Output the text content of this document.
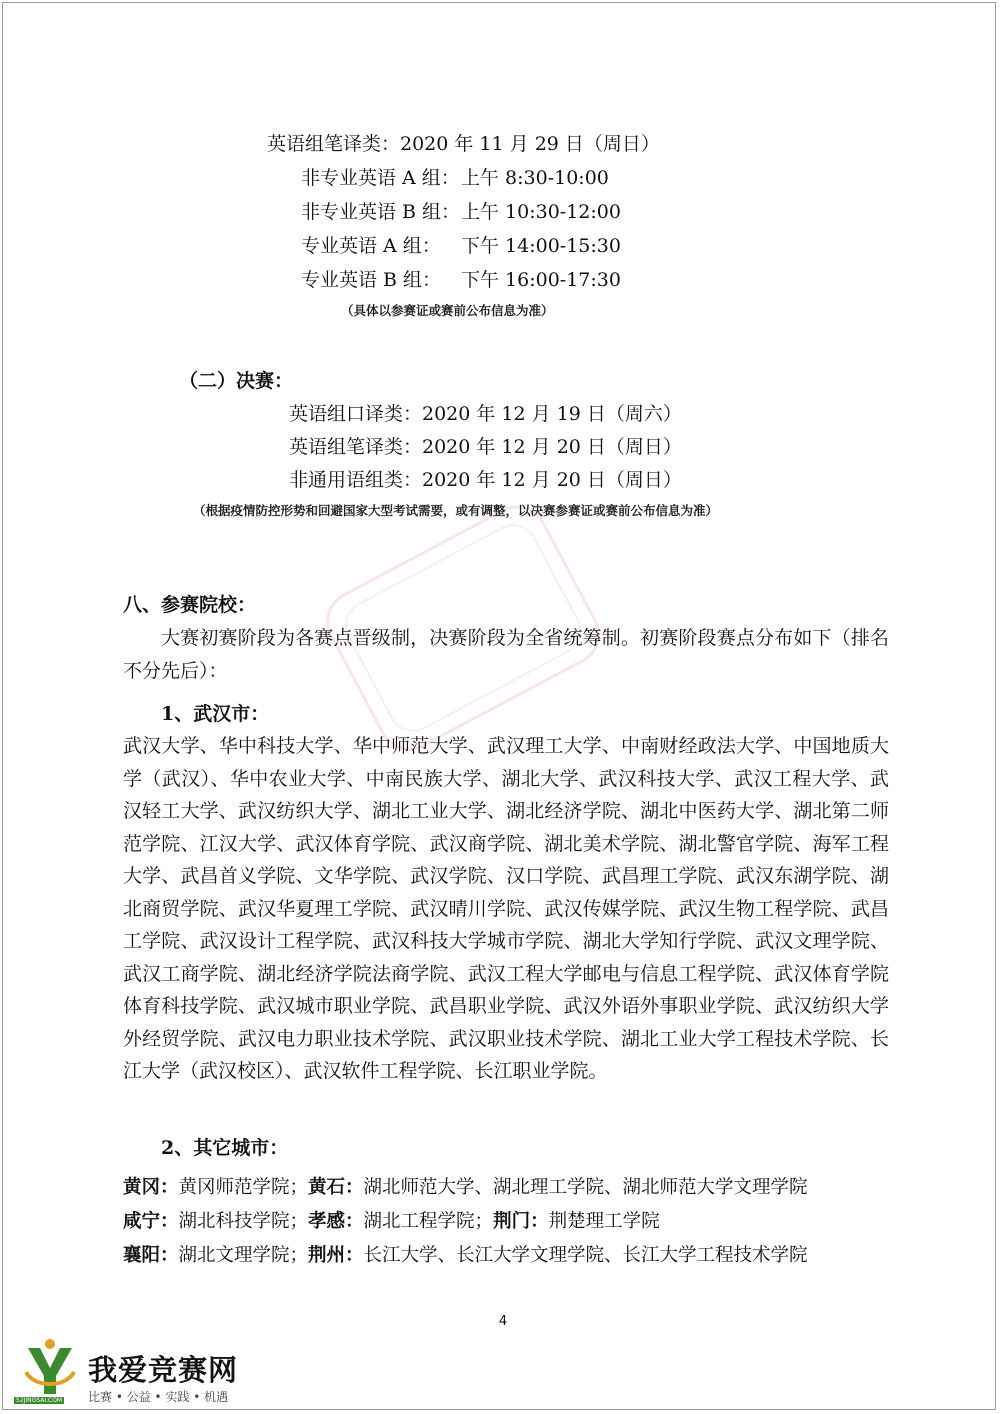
英语组笔译类：2020 年 11 月 29 日（周日）
非专业英语 A 组：上午 8:30-10:00
非专业英语 B 组：上午 10:30-12:00
专业英语 A 组： 下午 14:00-15:30
专业英语 B 组： 下午 16:00-17:30
（具体以参赛证或赛前公布信息为准）
（二）决赛：
英语组口译类：2020 年 12 月 19 日（周六）
英语组笔译类：2020 年 12 月 20 日（周日）
非通用语组类：2020 年 12 月 20 日（周日）
（根据疫情防控形势和回避国家大型考试需要，或有调整，以决赛参赛证或赛前公布信息为准）
八、参赛院校：
大赛初赛阶段为各赛点晋级制，决赛阶段为全省统筹制。初赛阶段赛点分布如下（排名不分先后）：
1、武汉市：
武汉大学、华中科技大学、华中师范大学、武汉理工大学、中南财经政法大学、中国地质大学（武汉）、华中农业大学、中南民族大学、湖北大学、武汉科技大学、武汉工程大学、武汉轻工大学、武汉纺织大学、湖北工业大学、湖北经济学院、湖北中医药大学、湖北第二师范学院、江汉大学、武汉体育学院、武汉商学院、湖北美术学院、湖北警官学院、海军工程大学、武昌首义学院、文华学院、武汉学院、汉口学院、武昌理工学院、武汉东湖学院、湖北商贸学院、武汉华夏理工学院、武汉晴川学院、武汉传媒学院、武汉生物工程学院、武昌工学院、武汉设计工程学院、武汉科技大学城市学院、湖北大学知行学院、武汉文理学院、武汉工商学院、湖北经济学院法商学院、武汉工程大学邮电与信息工程学院、武汉体育学院体育科技学院、武汉城市职业学院、武昌职业学院、武汉外语外事职业学院、武汉纺织大学外经贸学院、武汉电力职业技术学院、武汉职业技术学院、湖北工业大学工程技术学院、长江大学（武汉校区）、武汉软件工程学院、长江职业学院。
2、其它城市：
黄冈：黄冈师范学院；黄石：湖北师范大学、湖北理工学院、湖北师范大学文理学院
咸宁：湖北科技学院；孝感：湖北工程学院；荆门：荆楚理工学院
襄阳：湖北文理学院；荆州：长江大学、长江大学文理学院、长江大学工程技术学院
4
我爱竞赛网
比赛 • 公益 • 实践 • 机遇
52JINGSAI.COM
